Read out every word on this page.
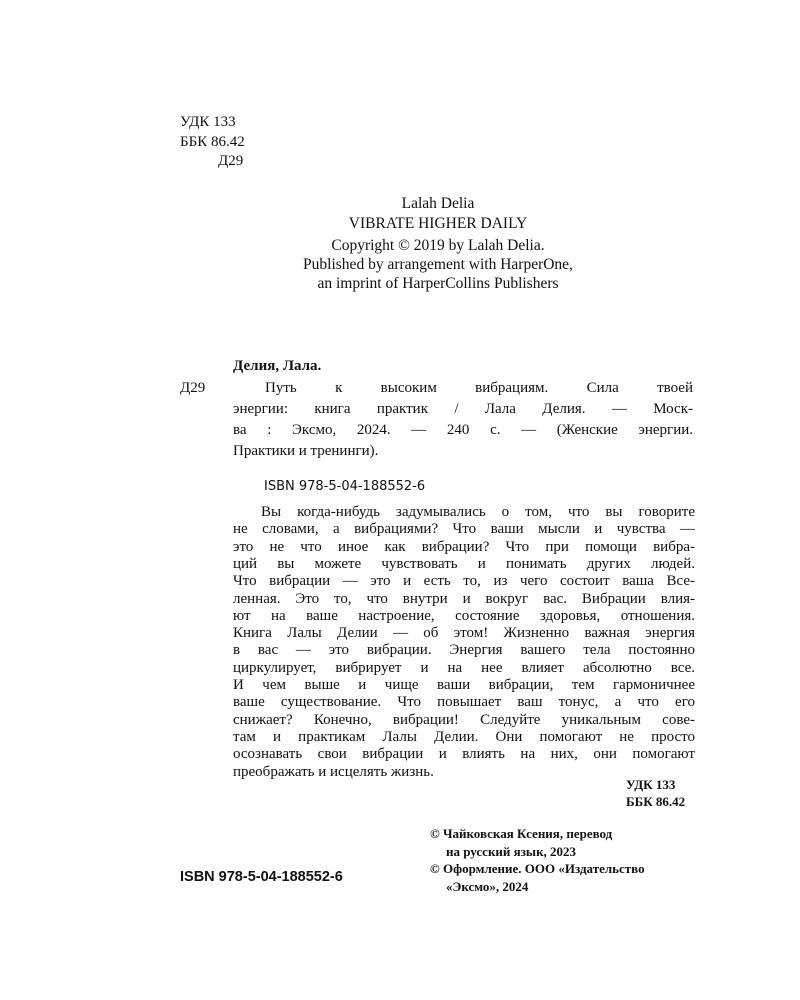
УДК 133
ББК 86.42
Д29
Lalah Delia
VIBRATE HIGHER DAILY
Copyright © 2019 by Lalah Delia.
Published by arrangement with HarperOne,
an imprint of HarperCollins Publishers
Делия, Лала.
Д29
ISBN 978-5-04-188552-6
УДК 133
ББК 86.42
© Чайковская Ксения, перевод
на русский язык, 2023
© Оформление. ООО «Издательство
«Эксмо», 2024
ISBN 978-5-04-188552-6
Путь к высоким вибрациям. Сила твоей
энергии: книга практик / Лала Делия. — Моск-
ва : Эксмо, 2024. — 240 с. — (Женские энергии.
Практики и тренинги).
Вы когда-нибудь задумывались о том, что вы говорите
не словами, а вибрациями? Что ваши мысли и чувства —
это не что иное как вибрации? Что при помощи вибра-
ций вы можете чувствовать и понимать других людей.
Что вибрации — это и есть то, из чего состоит ваша Все-
ленная. Это то, что внутри и вокруг вас. Вибрации влия-
ют на ваше настроение, состояние здоровья, отношения.
Книга Лалы Делии — об этом! Жизненно важная энергия
в вас — это вибрации. Энергия вашего тела постоянно
циркулирует, вибрирует и на нее влияет абсолютно все.
И чем выше и чище ваши вибрации, тем гармоничнее
ваше существование. Что повышает ваш тонус, а что его
снижает? Конечно, вибрации! Следуйте уникальным сове-
там и практикам Лалы Делии. Они помогают не просто
осознавать свои вибрации и влиять на них, они помогают
преображать и исцелять жизнь.
